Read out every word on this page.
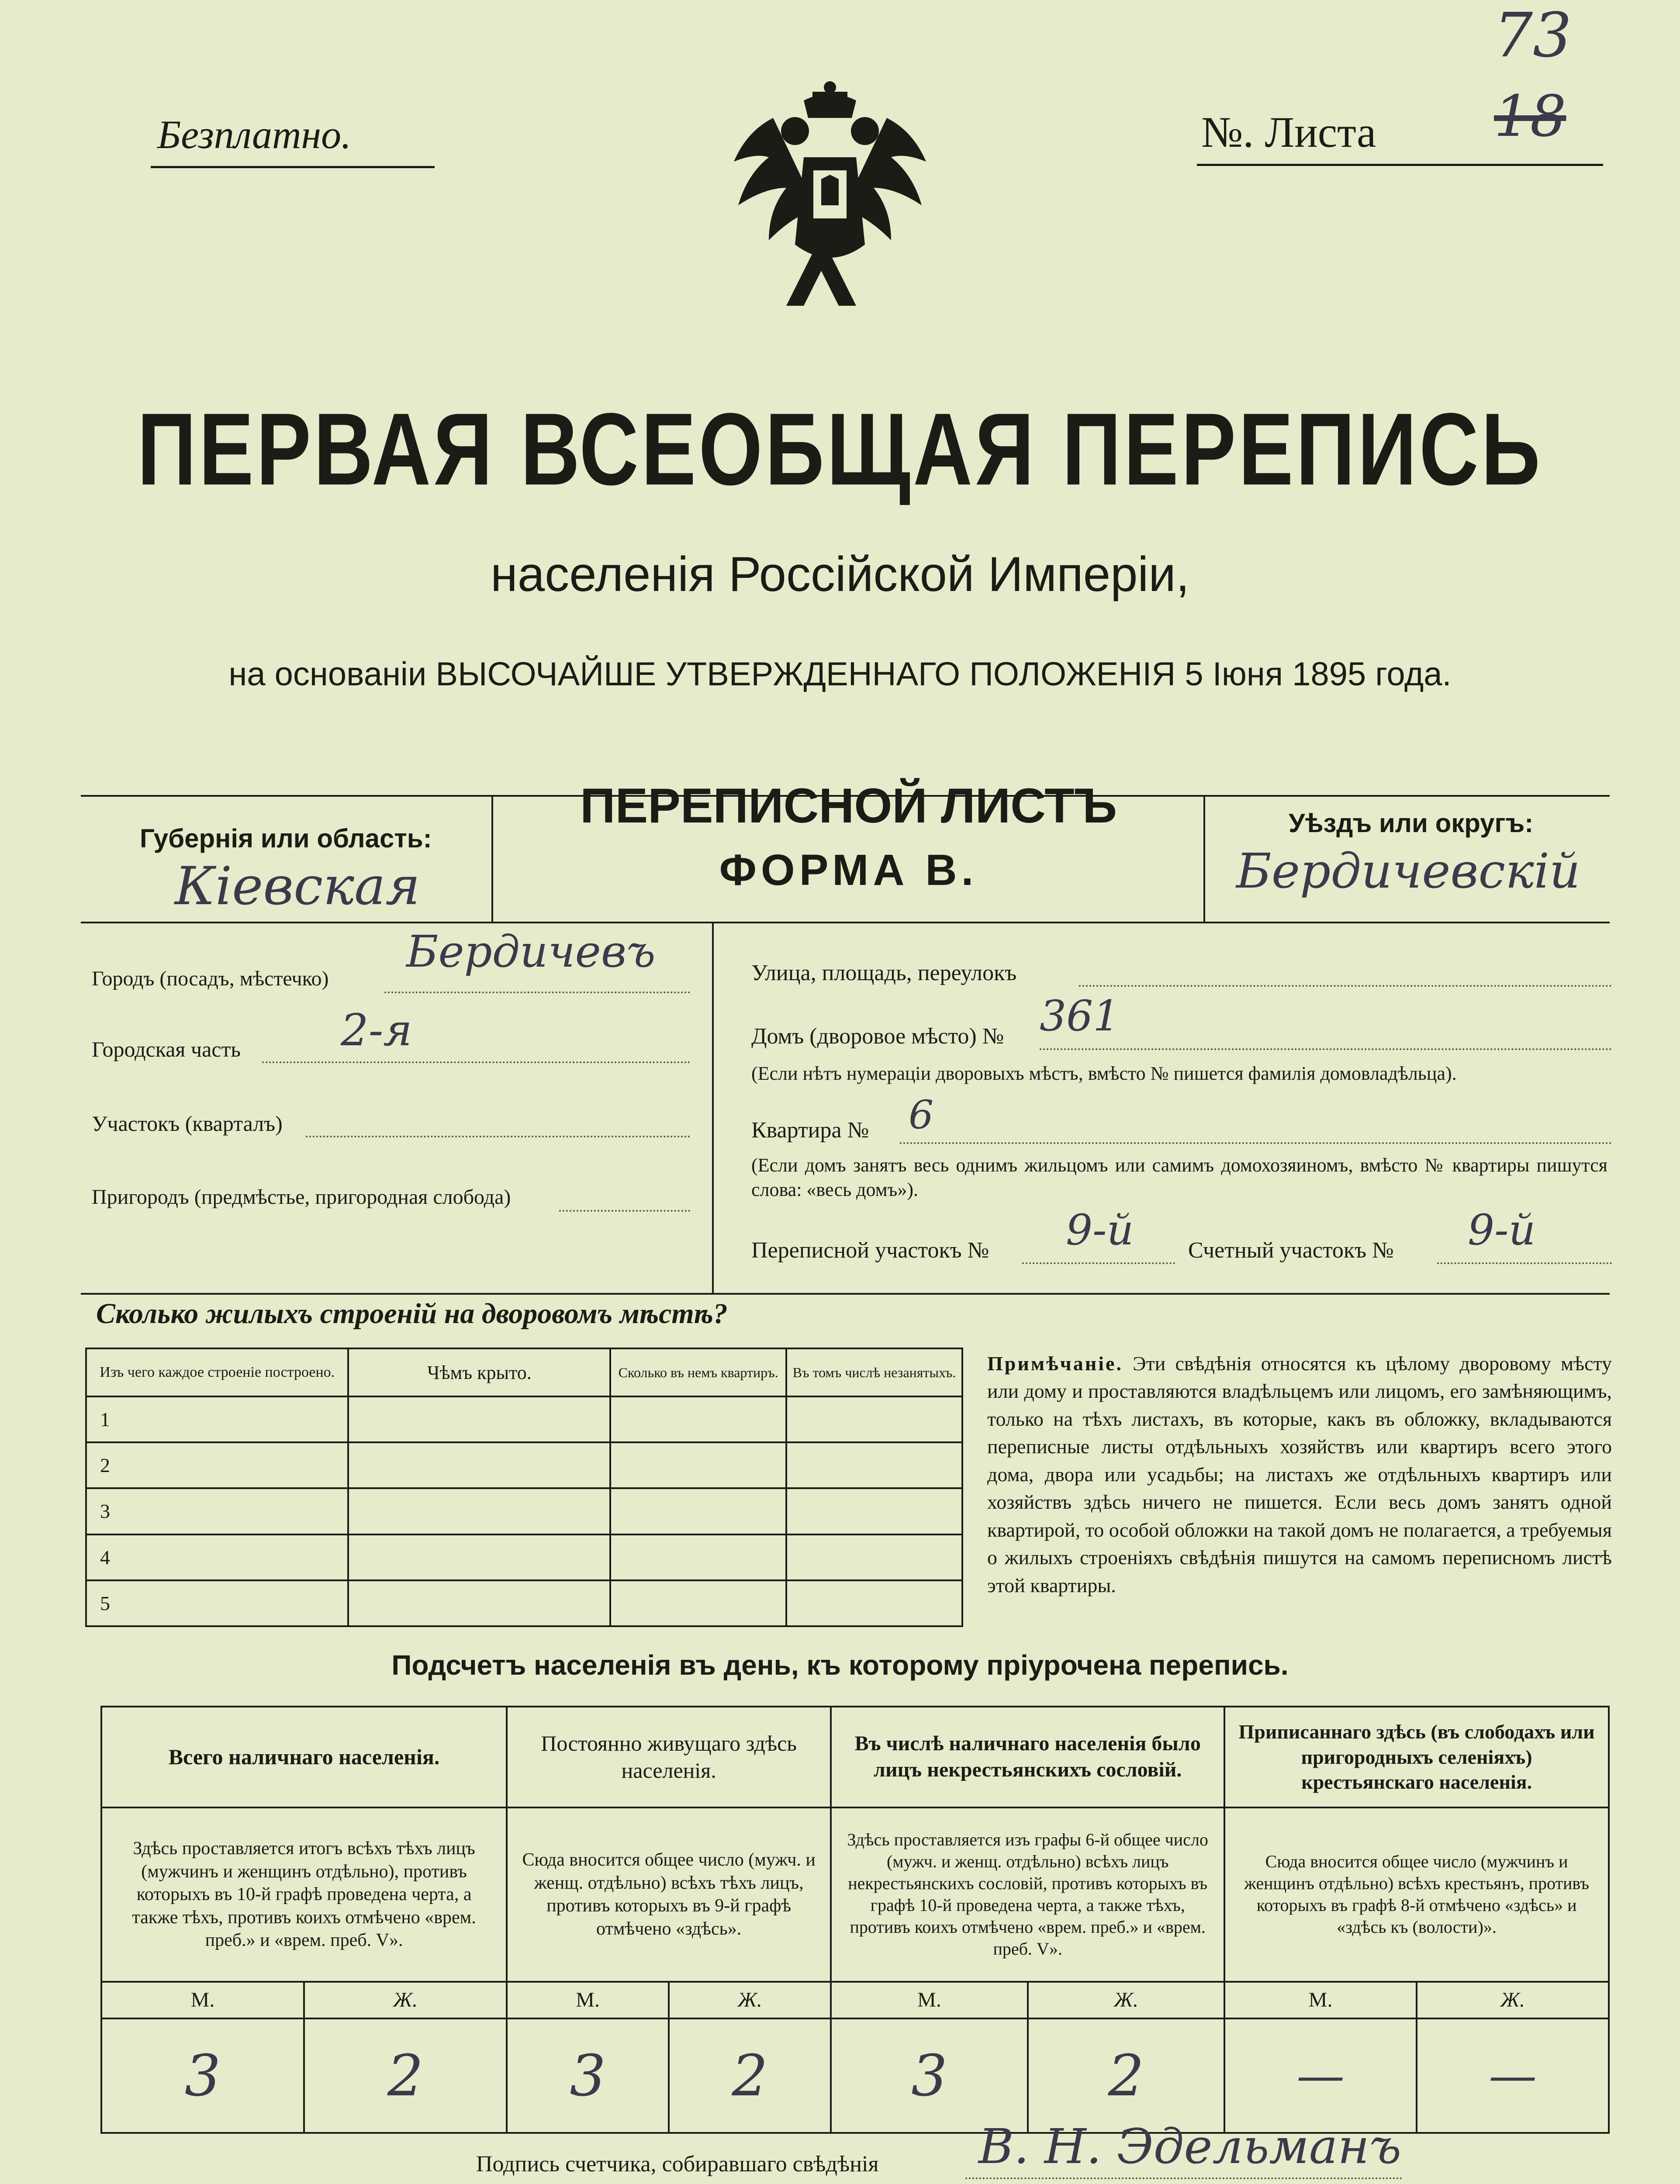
Безплатно.	№. Листа
73
18
ПЕРВАЯ ВСЕОБЩАЯ ПЕРЕПИСЬ
населенія Россійской Имперіи,
на основаніи ВЫСОЧАЙШЕ УТВЕРЖДЕННАГО ПОЛОЖЕНІЯ 5 Іюня 1895 года.
Губернія или область:
Кіевская
ПЕРЕПИСНОЙ ЛИСТЪ
ФОРМА В.
Уѣздъ или округъ:
Бердичевскій
Городъ (посадъ, мѣстечко)
Бердичевъ
Городская часть 2-я
Участокъ (кварталъ)
Пригородъ (предмѣстье, пригородная слобода)
Улица, площадь, переулокъ
Домъ (дворовое мѣсто) № 361
(Если нѣтъ нумераціи дворовыхъ мѣстъ, вмѣсто № пишется фамилія домовладѣльца).
Квартира № 6
(Если домъ занятъ весь однимъ жильцомъ или самимъ домохозяиномъ, вмѣсто № квартиры пишутся слова: «весь домъ»).
Переписной участокъ № 9-й Счетный участокъ № 9-й
Сколько жилыхъ строеній на дворовомъ мѣстѣ?
Изъ чего каждое строеніе построено.	Чѣмъ крыто.	Сколько въ немъ квартиръ.	Въ томъ числѣ незанятыхъ.
1			
2			
3			
4			
5			
Примѣчаніе. Эти свѣдѣнія относятся къ цѣлому дворовому мѣсту или дому и проставляются владѣльцемъ или лицомъ, его замѣняющимъ, только на тѣхъ листахъ, въ которые, какъ въ обложку, вкладываются переписные листы отдѣльныхъ хозяйствъ или квартиръ всего этого дома, двора или усадьбы; на листахъ же отдѣльныхъ квартиръ или хозяйствъ здѣсь ничего не пишется. Если весь домъ занятъ одной квартирой, то особой обложки на такой домъ не полагается, а требуемыя о жилыхъ строеніяхъ свѣдѣнія пишутся на самомъ переписномъ листѣ этой квартиры.
Подсчетъ населенія въ день, къ которому пріурочена перепись.
Всего наличнаго населенія.		Постоянно живущаго здѣсь населенія.		Въ числѣ наличнаго населенія было лицъ некрестьянскихъ сословій.		Приписаннаго здѣсь (въ слободахъ или пригородныхъ селеніяхъ) крестьянскаго населенія.	
Здѣсь проставляется итогъ всѣхъ тѣхъ лицъ (мужчинъ и женщинъ отдѣльно), противъ которыхъ въ 10-й графѣ проведена черта, а также тѣхъ, противъ коихъ отмѣчено «врем. преб.» и «врем. преб. V».		Сюда вносится общее число (мужч. и женщ. отдѣльно) всѣхъ тѣхъ лицъ, противъ которыхъ въ 9-й графѣ отмѣчено «здѣсь».		Здѣсь проставляется изъ графы 6-й общее число (мужч. и женщ. отдѣльно) всѣхъ лицъ некрестьянскихъ сословій, противъ которыхъ въ графѣ 10-й проведена черта, а также тѣхъ, противъ коихъ отмѣчено «врем. преб.» и «врем. преб. V».		Сюда вносится общее число (мужчинъ и женщинъ отдѣльно) всѣхъ крестьянъ, противъ которыхъ въ графѣ 8-й отмѣчено «здѣсь» и «здѣсь къ (волости)».	
М.	Ж.	М.	Ж.	М.	Ж.	М.	Ж.
3	2	3	2	3	2	—	—
Подпись счетчика, собиравшаго свѣдѣнія В. Н. Эдельманъ
